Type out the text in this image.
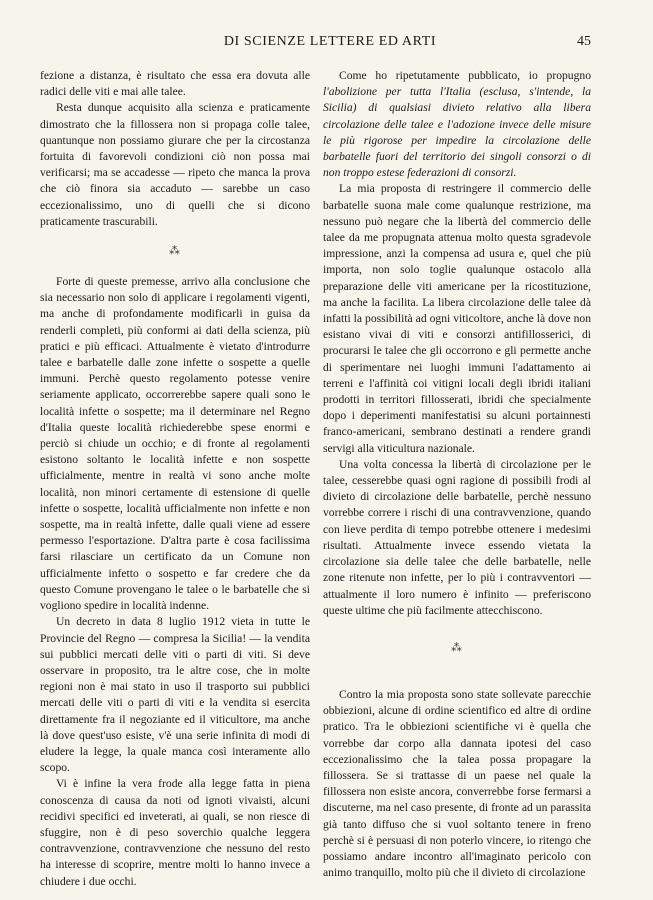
DI SCIENZE LETTERE ED ARTI	45

fezione a distanza, è risultato che essa era dovuta alle radici delle viti e mai alle talee.

Resta dunque acquisito alla scienza e praticamente dimostrato che la fillossera non si propaga colle talee, quantunque non possiamo giurare che per la circostanza fortuita di favorevoli condizioni ciò non possa mai verificarsi; ma se accadesse — ripeto che manca la prova che ciò finora sia accaduto — sarebbe un caso eccezionalissimo, uno di quelli che si dicono praticamente trascurabili.

⁂

Forte di queste premesse, arrivo alla conclusione che sia necessario non solo di applicare i regolamenti vigenti, ma anche di profondamente modificarli in guisa da renderli completi, più conformi ai dati della scienza, più pratici e più efficaci. Attualmente è vietato d'introdurre talee e barbatelle dalle zone infette o sospette a quelle immuni. Perchè questo regolamento potesse venire seriamente applicato, occorrerebbe sapere quali sono le località infette o sospette; ma il determinare nel Regno d'Italia queste località richiederebbe spese enormi e perciò si chiude un occhio; e di fronte al regolamenti esistono soltanto le località infette e non sospette ufficialmente, mentre in realtà vi sono anche molte località, non minori certamente di estensione di quelle infette o sospette, località ufficialmente non infette e non sospette, ma in realtà infette, dalle quali viene ad essere permesso l'esportazione. D'altra parte è cosa facilissima farsi rilasciare un certificato da un Comune non ufficialmente infetto o sospetto e far credere che da questo Comune provengano le talee o le barbatelle che si vogliono spedire in località indenne.

Un decreto in data 8 luglio 1912 vieta in tutte le Provincie del Regno — compresa la Sicilia! — la vendita sui pubblici mercati delle viti o parti di viti. Si deve osservare in proposito, tra le altre cose, che in molte regioni non è mai stato in uso il trasporto sui pubblici mercati delle viti o parti di viti e la vendita si esercita direttamente fra il negoziante ed il viticultore, ma anche là dove quest'uso esiste, v'è una serie infinita di modi di eludere la legge, la quale manca così interamente allo scopo.

Vi è infine la vera frode alla legge fatta in piena conoscenza di causa da noti od ignoti vivaisti, alcuni recidivi specifici ed inveterati, ai quali, se non riesce di sfuggire, non è di peso soverchio qualche leggera contravvenzione, contravvenzione che nessuno del resto ha interesse di scoprire, mentre molti lo hanno invece a chiudere i due occhi.

Come ho ripetutamente pubblicato, io propugno l'abolizione per tutta l'Italia (esclusa, s'intende, la Sicilia) di qualsiasi divieto relativo alla libera circolazione delle talee e l'adozione invece delle misure le più rigorose per impedire la circolazione delle barbatelle fuori del territorio dei singoli consorzi o di non troppo estese federazioni di consorzi.

La mia proposta di restringere il commercio delle barbatelle suona male come qualunque restrizione, ma nessuno può negare che la libertà del commercio delle talee da me propugnata attenua molto questa sgradevole impressione, anzi la compensa ad usura e, quel che più importa, non solo toglie qualunque ostacolo alla preparazione delle viti americane per la ricostituzione, ma anche la facilita. La libera circolazione delle talee dà infatti la possibilità ad ogni viticoltore, anche là dove non esistano vivai di viti e consorzi antifillosserici, di procurarsi le talee che gli occorrono e gli permette anche di sperimentare nei luoghi immuni l'adattamento ai terreni e l'affinità coi vitigni locali degli ibridi italiani prodotti in territori fillosserati, ibridi che specialmente dopo i deperimenti manifestatisi su alcuni portainnesti franco-americani, sembrano destinati a rendere grandi servigi alla viticultura nazionale.

Una volta concessa la libertà di circolazione per le talee, cesserebbe quasi ogni ragione di possibili frodi al divieto di circolazione delle barbatelle, perchè nessuno vorrebbe correre i rischi di una contravvenzione, quando con lieve perdita di tempo potrebbe ottenere i medesimi risultati. Attualmente invece essendo vietata la circolazione sia delle talee che delle barbatelle, nelle zone ritenute non infette, per lo più i contravventori — attualmente il loro numero è infinito — preferiscono queste ultime che più facilmente attecchiscono.

⁂

Contro la mia proposta sono state sollevate parecchie obbiezioni, alcune di ordine scientifico ed altre di ordine pratico. Tra le obbiezioni scientifiche vi è quella che vorrebbe dar corpo alla dannata ipotesi del caso eccezionalissimo che la talea possa propagare la fillossera. Se si trattasse di un paese nel quale la fillossera non esiste ancora, converrebbe forse fermarsi a discuterne, ma nel caso presente, di fronte ad un parassita già tanto diffuso che si vuol soltanto tenere in freno perchè si è persuasi di non poterlo vincere, io ritengo che possiamo andare incontro all'imaginato pericolo con animo tranquillo, molto più che il divieto di circolazione
